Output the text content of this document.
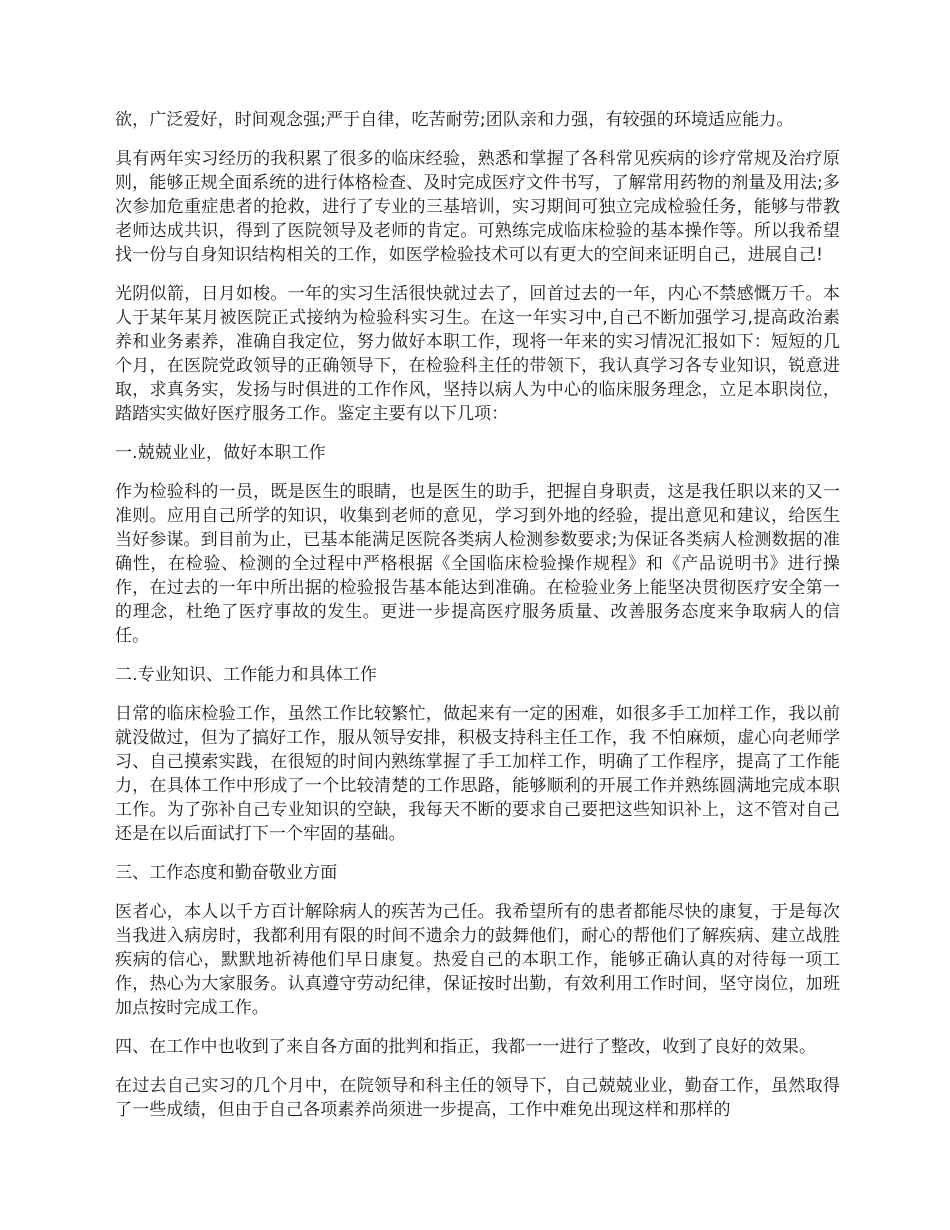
欲，广泛爱好，时间观念强;严于自律，吃苦耐劳;团队亲和力强，有较强的环境适应能力。

具有两年实习经历的我积累了很多的临床经验，熟悉和掌握了各科常见疾病的诊疗常规及治疗原则，能够正规全面系统的进行体格检查、及时完成医疗文件书写，了解常用药物的剂量及用法;多次参加危重症患者的抢救，进行了专业的三基培训，实习期间可独立完成检验任务，能够与带教老师达成共识，得到了医院领导及老师的肯定。可熟练完成临床检验的基本操作等。所以我希望找一份与自身知识结构相关的工作，如医学检验技术可以有更大的空间来证明自己，进展自己!

光阴似箭，日月如梭。一年的实习生活很快就过去了，回首过去的一年，内心不禁感慨万千。本人于某年某月被医院正式接纳为检验科实习生。在这一年实习中,自己不断加强学习,提高政治素养和业务素养，准确自我定位，努力做好本职工作，现将一年来的实习情况汇报如下：短短的几个月，在医院党政领导的正确领导下，在检验科主任的带领下，我认真学习各专业知识，锐意进取，求真务实，发扬与时俱进的工作作风，坚持以病人为中心的临床服务理念，立足本职岗位，踏踏实实做好医疗服务工作。鉴定主要有以下几项：

一.兢兢业业，做好本职工作

作为检验科的一员，既是医生的眼睛，也是医生的助手，把握自身职责，这是我任职以来的又一准则。应用自己所学的知识，收集到老师的意见，学习到外地的经验，提出意见和建议，给医生当好参谋。到目前为止，已基本能满足医院各类病人检测参数要求;为保证各类病人检测数据的准确性，在检验、检测的全过程中严格根据《全国临床检验操作规程》和《产品说明书》进行操作，在过去的一年中所出据的检验报告基本能达到准确。在检验业务上能坚决贯彻医疗安全第一的理念，杜绝了医疗事故的发生。更进一步提高医疗服务质量、改善服务态度来争取病人的信任。

二.专业知识、工作能力和具体工作

日常的临床检验工作，虽然工作比较繁忙，做起来有一定的困难，如很多手工加样工作，我以前就没做过，但为了搞好工作，服从领导安排，积极支持科主任工作，我 不怕麻烦，虚心向老师学习、自己摸索实践，在很短的时间内熟练掌握了手工加样工作，明确了工作程序，提高了工作能力，在具体工作中形成了一个比较清楚的工作思路，能够顺利的开展工作并熟练圆满地完成本职工作。为了弥补自己专业知识的空缺，我每天不断的要求自己要把这些知识补上，这不管对自己还是在以后面试打下一个牢固的基础。

三、工作态度和勤奋敬业方面

医者心，本人以千方百计解除病人的疾苦为己任。我希望所有的患者都能尽快的康复，于是每次当我进入病房时，我都利用有限的时间不遗余力的鼓舞他们，耐心的帮他们了解疾病、建立战胜疾病的信心，默默地祈祷他们早日康复。热爱自己的本职工作，能够正确认真的对待每一项工作，热心为大家服务。认真遵守劳动纪律，保证按时出勤，有效利用工作时间，坚守岗位，加班加点按时完成工作。

四、在工作中也收到了来自各方面的批判和指正，我都一一进行了整改，收到了良好的效果。

在过去自己实习的几个月中，在院领导和科主任的领导下，自己兢兢业业，勤奋工作，虽然取得了一些成绩，但由于自己各项素养尚须进一步提高，工作中难免出现这样和那样的
